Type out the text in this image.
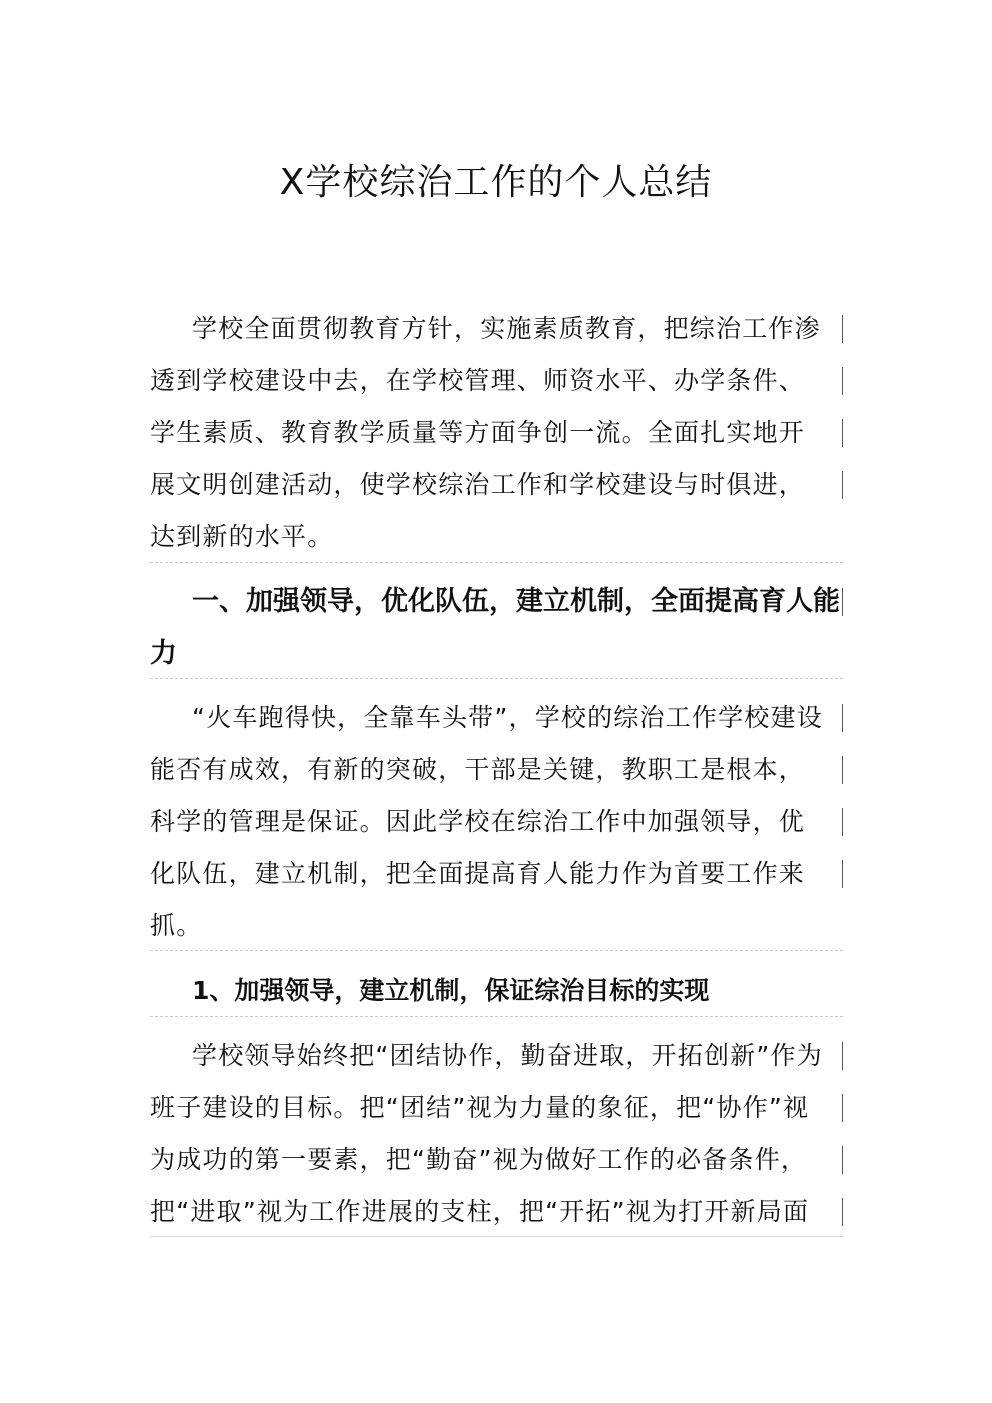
X学校综治工作的个人总结
学校全面贯彻教育方针，实施素质教育，把综治工作渗
透到学校建设中去，在学校管理、师资水平、办学条件、
学生素质、教育教学质量等方面争创一流。全面扎实地开
展文明创建活动，使学校综治工作和学校建设与时俱进，
达到新的水平。
一、加强领导，优化队伍，建立机制，全面提高育人能
力
“火车跑得快，全靠车头带”，学校的综治工作学校建设
能否有成效，有新的突破，干部是关键，教职工是根本，
科学的管理是保证。因此学校在综治工作中加强领导，优
化队伍，建立机制，把全面提高育人能力作为首要工作来
抓。
1、加强领导，建立机制，保证综治目标的实现
学校领导始终把“团结协作，勤奋进取，开拓创新”作为
班子建设的目标。把“团结”视为力量的象征，把“协作”视
为成功的第一要素，把“勤奋”视为做好工作的必备条件，
把“进取”视为工作进展的支柱，把“开拓”视为打开新局面
